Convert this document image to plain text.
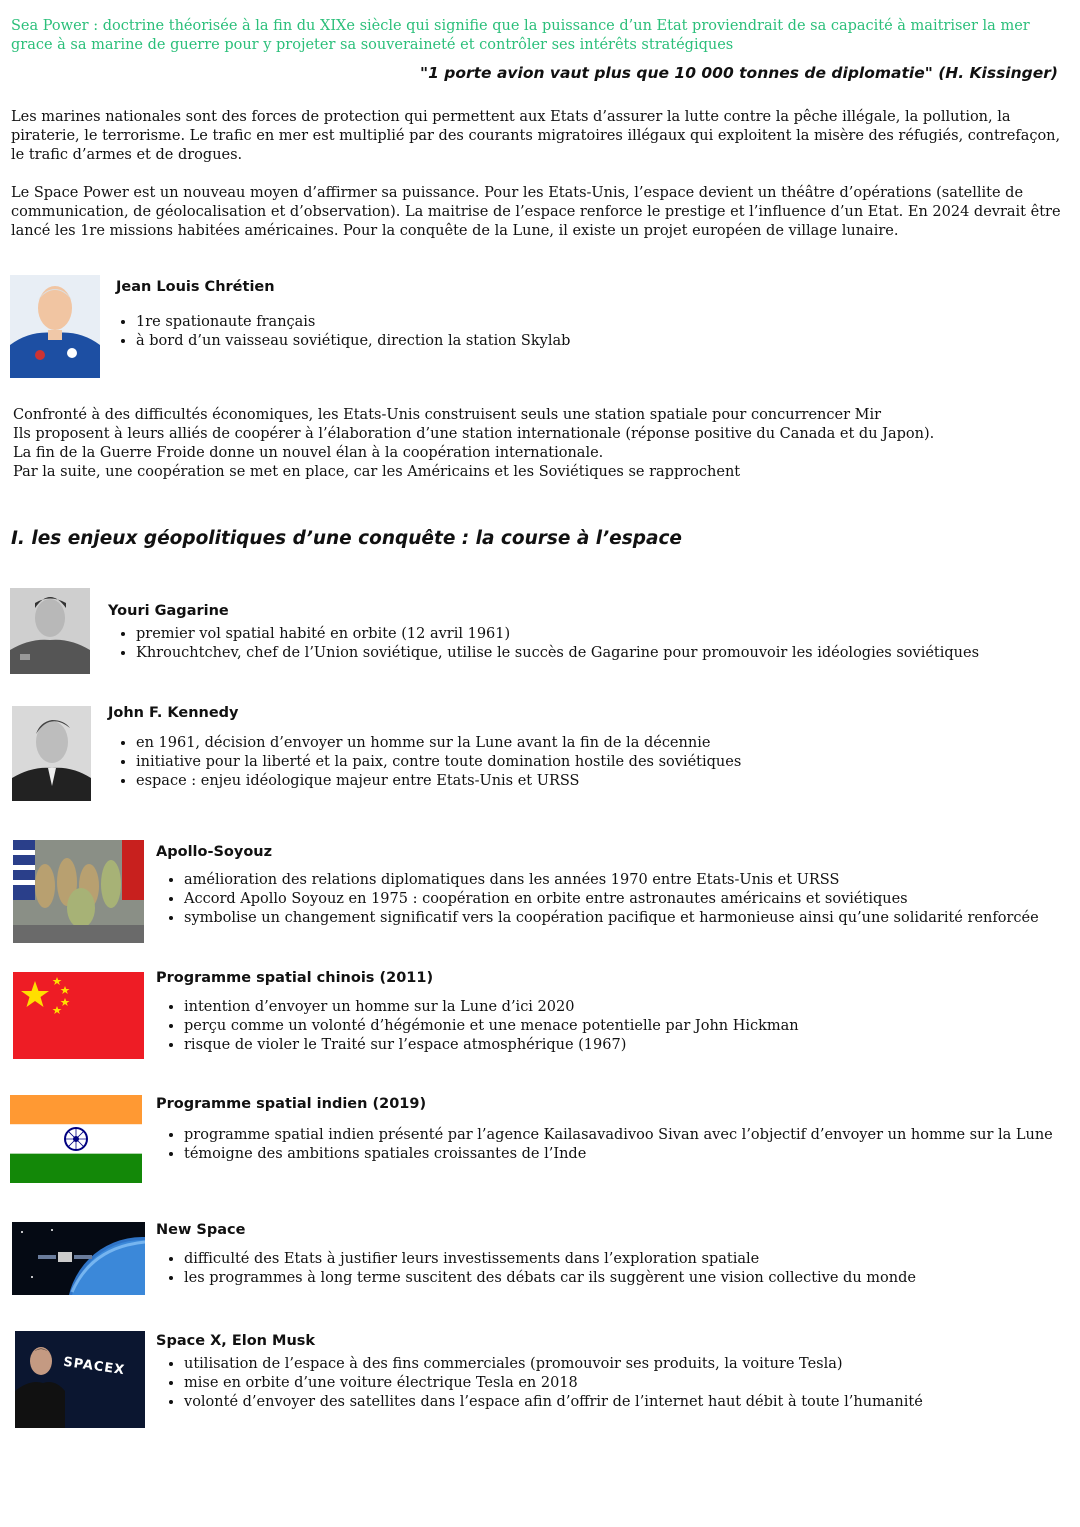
Sea Power : doctrine théorisée à la fin du XIXe siècle qui signifie que la puissance d’un Etat proviendrait de sa capacité à maitriser la mer grace à sa marine de guerre pour y projeter sa souveraineté et contrôler ses intérêts stratégiques
"1 porte avion vaut plus que 10 000 tonnes de diplomatie" (H. Kissinger)
Les marines nationales sont des forces de protection qui permettent aux Etats d’assurer la lutte contre la pêche illégale, la pollution, la piraterie, le terrorisme. Le trafic en mer est multiplié par des courants migratoires illégaux qui exploitent la misère des réfugiés, contrefaçon, le trafic d’armes et de drogues.
Le Space Power est un nouveau moyen d’affirmer sa puissance. Pour les Etats-Unis, l’espace devient un théâtre d’opérations (satellite de communication, de géolocalisation et d’observation). La maitrise de l’espace renforce le prestige et l’influence d’un Etat. En 2024 devrait être lancé les 1re missions habitées américaines. Pour la conquête de la Lune, il existe un projet européen de village lunaire.
Jean Louis Chrétien
• 1re spationaute français
• à bord d’un vaisseau soviétique, direction la station Skylab
Confronté à des difficultés économiques, les Etats-Unis construisent seuls une station spatiale pour concurrencer Mir
Ils proposent à leurs alliés de coopérer à l’élaboration d’une station internationale (réponse positive du Canada et du Japon).
La fin de la Guerre Froide donne un nouvel élan à la coopération internationale.
Par la suite, une coopération se met en place, car les Américains et les Soviétiques se rapprochent
I. les enjeux géopolitiques d’une conquête : la course à l’espace
Youri Gagarine
• premier vol spatial habité en orbite (12 avril 1961)
• Khrouchtchev, chef de l’Union soviétique, utilise le succès de Gagarine pour promouvoir les idéologies soviétiques
John F. Kennedy
• en 1961, décision d’envoyer un homme sur la Lune avant la fin de la décennie
• initiative pour la liberté et la paix, contre toute domination hostile des soviétiques
• espace : enjeu idéologique majeur entre Etats-Unis et URSS
Apollo-Soyouz
• amélioration des relations diplomatiques dans les années 1970 entre Etats-Unis et URSS
• Accord Apollo Soyouz en 1975 : coopération en orbite entre astronautes américains et soviétiques
• symbolise un changement significatif vers la coopération pacifique et harmonieuse ainsi qu’une solidarité renforcée
Programme spatial chinois (2011)
• intention d’envoyer un homme sur la Lune d’ici 2020
• perçu comme un volonté d’hégémonie et une menace potentielle par John Hickman
• risque de violer le Traité sur l’espace atmosphérique (1967)
Programme spatial indien (2019)
• programme spatial indien présenté par l’agence Kailasavadivoo Sivan avec l’objectif d’envoyer un homme sur la Lune
• témoigne des ambitions spatiales croissantes de l’Inde
New Space
• difficulté des Etats à justifier leurs investissements dans l’exploration spatiale
• les programmes à long terme suscitent des débats car ils suggèrent une vision collective du monde
SPACEX
Space X, Elon Musk
• utilisation de l’espace à des fins commerciales (promouvoir ses produits, la voiture Tesla)
• mise en orbite d’une voiture électrique Tesla en 2018
• volonté d’envoyer des satellites dans l’espace afin d’offrir de l’internet haut débit à toute l’humanité
